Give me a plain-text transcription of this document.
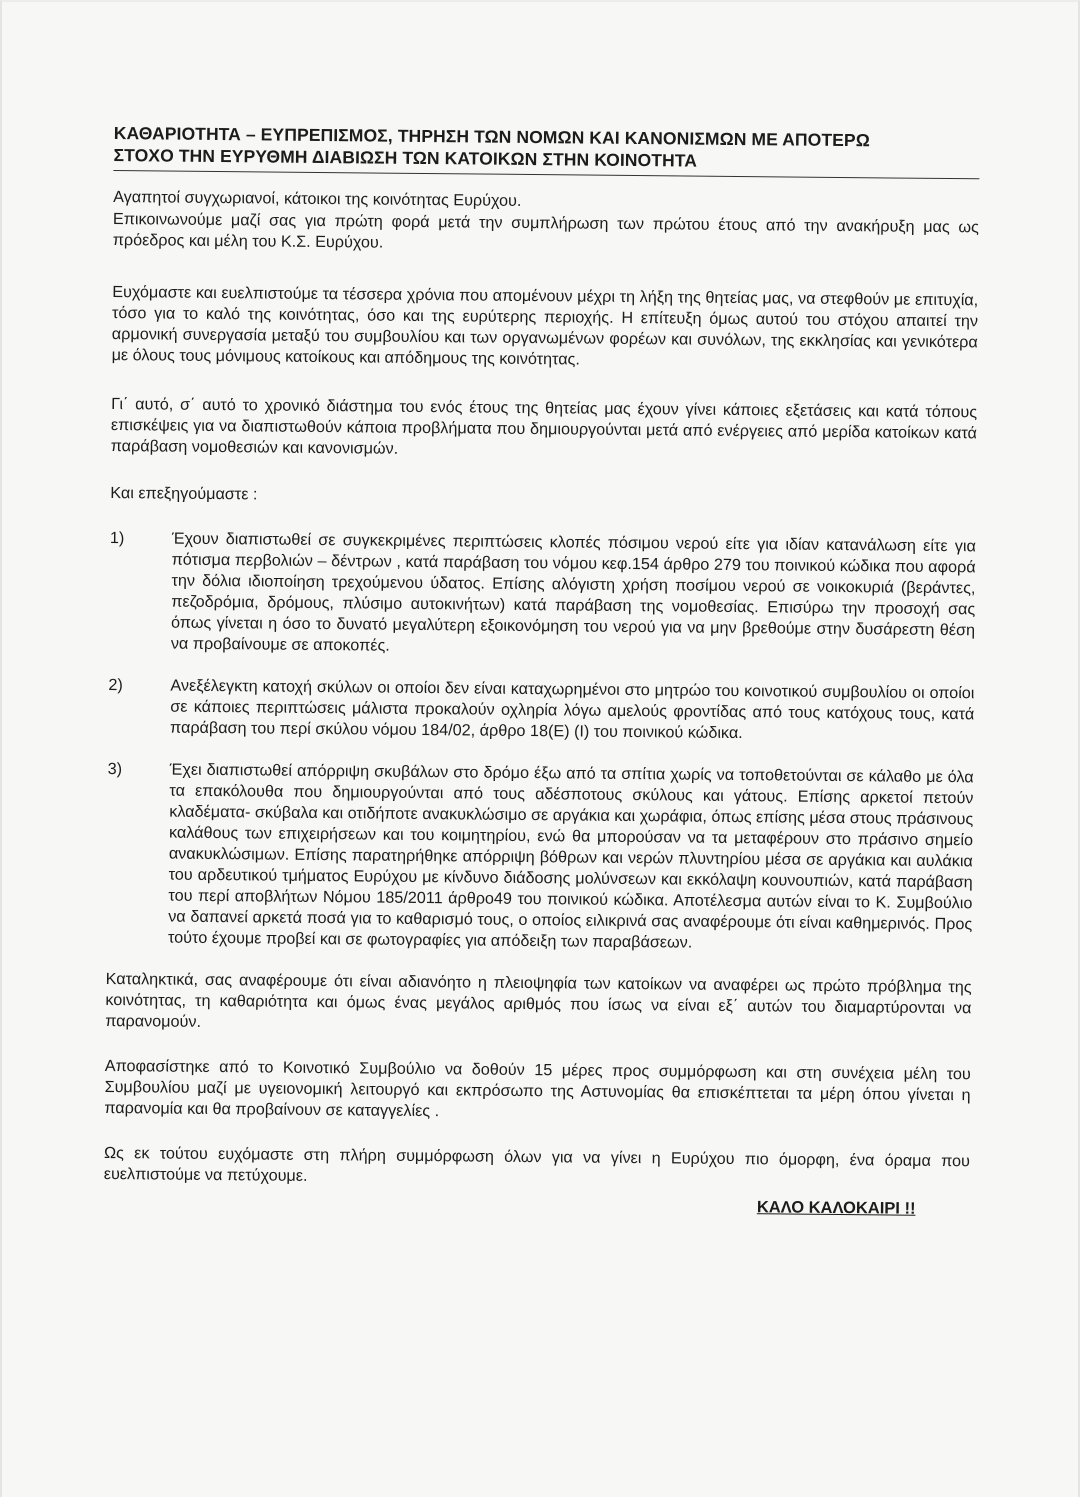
ΚΑΘΑΡΙΟΤΗΤΑ – ΕΥΠΡΕΠΙΣΜΟΣ, ΤΗΡΗΣΗ ΤΩΝ ΝΟΜΩΝ ΚΑΙ ΚΑΝΟΝΙΣΜΩΝ ΜΕ ΑΠΟΤΕΡΩ
ΣΤΟΧΟ ΤΗΝ ΕΥΡΥΘΜΗ ΔΙΑΒΙΩΣΗ ΤΩΝ ΚΑΤΟΙΚΩΝ ΣΤΗΝ ΚΟΙΝΟΤΗΤΑ

Αγαπητοί συγχωριανοί, κάτοικοι της κοινότητας Ευρύχου.

Επικοινωνούμε μαζί σας για πρώτη φορά μετά την συμπλήρωση των πρώτου έτους από την ανακήρυξη μας ως πρόεδρος και μέλη του Κ.Σ. Ευρύχου.

Ευχόμαστε και ευελπιστούμε τα τέσσερα χρόνια που απομένουν μέχρι τη λήξη της θητείας μας, να στεφθούν με επιτυχία, τόσο για το καλό της κοινότητας, όσο και της ευρύτερης περιοχής. Η επίτευξη όμως αυτού του στόχου απαιτεί την αρμονική συνεργασία μεταξύ του συμβουλίου και των οργανωμένων φορέων και συνόλων, της εκκλησίας και γενικότερα με όλους τους μόνιμους κατοίκους και απόδημους της κοινότητας.

Γι΄ αυτό, σ΄ αυτό το χρονικό διάστημα του ενός έτους της θητείας μας έχουν γίνει κάποιες εξετάσεις και κατά τόπους επισκέψεις για να διαπιστωθούν κάποια προβλήματα που δημιουργούνται μετά από ενέργειες από μερίδα κατοίκων κατά παράβαση νομοθεσιών και κανονισμών.

Και επεξηγούμαστε :

1)	Έχουν διαπιστωθεί σε συγκεκριμένες περιπτώσεις κλοπές πόσιμου νερού είτε για ιδίαν κατανάλωση είτε για πότισμα περβολιών – δέντρων , κατά παράβαση του νόμου κεφ.154 άρθρο 279 του ποινικού κώδικα που αφορά την δόλια ιδιοποίηση τρεχούμενου ύδατος. Επίσης αλόγιστη χρήση ποσίμου νερού σε νοικοκυριά (βεράντες, πεζοδρόμια, δρόμους, πλύσιμο αυτοκινήτων) κατά παράβαση της νομοθεσίας. Επισύρω την προσοχή σας όπως γίνεται η όσο το δυνατό μεγαλύτερη εξοικονόμηση του νερού για να μην βρεθούμε στην δυσάρεστη θέση να προβαίνουμε σε αποκοπές.
2)	Ανεξέλεγκτη κατοχή σκύλων οι οποίοι δεν είναι καταχωρημένοι στο μητρώο του κοινοτικού συμβουλίου οι οποίοι σε κάποιες περιπτώσεις μάλιστα προκαλούν οχληρία λόγω αμελούς φροντίδας από τους κατόχους τους, κατά παράβαση του περί σκύλου νόμου 184/02, άρθρο 18(Ε) (Ι) του ποινικού κώδικα.
3)	Έχει διαπιστωθεί απόρριψη σκυβάλων στο δρόμο έξω από τα σπίτια χωρίς να τοποθετούνται σε κάλαθο με όλα τα επακόλουθα που δημιουργούνται από τους αδέσποτους σκύλους και γάτους. Επίσης αρκετοί πετούν κλαδέματα- σκύβαλα και οτιδήποτε ανακυκλώσιμο σε αργάκια και χωράφια, όπως επίσης μέσα στους πράσινους καλάθους των επιχειρήσεων και του κοιμητηρίου, ενώ θα μπορούσαν να τα μεταφέρουν στο πράσινο σημείο ανακυκλώσιμων. Επίσης παρατηρήθηκε απόρριψη βόθρων και νερών πλυντηρίου μέσα σε αργάκια και αυλάκια του αρδευτικού τμήματος Ευρύχου με κίνδυνο διάδοσης μολύνσεων και εκκόλαψη κουνουπιών, κατά παράβαση του περί αποβλήτων Νόμου 185/2011 άρθρο49 του ποινικού κώδικα. Αποτέλεσμα αυτών είναι το Κ. Συμβούλιο να δαπανεί αρκετά ποσά για το καθαρισμό τους, ο οποίος ειλικρινά σας αναφέρουμε ότι είναι καθημερινός. Προς τούτο έχουμε προβεί και σε φωτογραφίες για απόδειξη των παραβάσεων.

Καταληκτικά, σας αναφέρουμε ότι είναι αδιανόητο η πλειοψηφία των κατοίκων να αναφέρει ως πρώτο πρόβλημα της κοινότητας, τη καθαριότητα και όμως ένας μεγάλος αριθμός που ίσως να είναι εξ΄ αυτών του διαμαρτύρονται να παρανομούν.

Αποφασίστηκε από το Κοινοτικό Συμβούλιο να δοθούν 15 μέρες προς συμμόρφωση και στη συνέχεια μέλη του Συμβουλίου μαζί με υγειονομική λειτουργό και εκπρόσωπο της Αστυνομίας θα επισκέπτεται τα μέρη όπου γίνεται η παρανομία και θα προβαίνουν σε καταγγελίες .

Ως εκ τούτου ευχόμαστε στη πλήρη συμμόρφωση όλων για να γίνει η Ευρύχου πιο όμορφη, ένα όραμα που ευελπιστούμε να πετύχουμε.

ΚΑΛΟ ΚΑΛΟΚΑΙΡΙ !!
